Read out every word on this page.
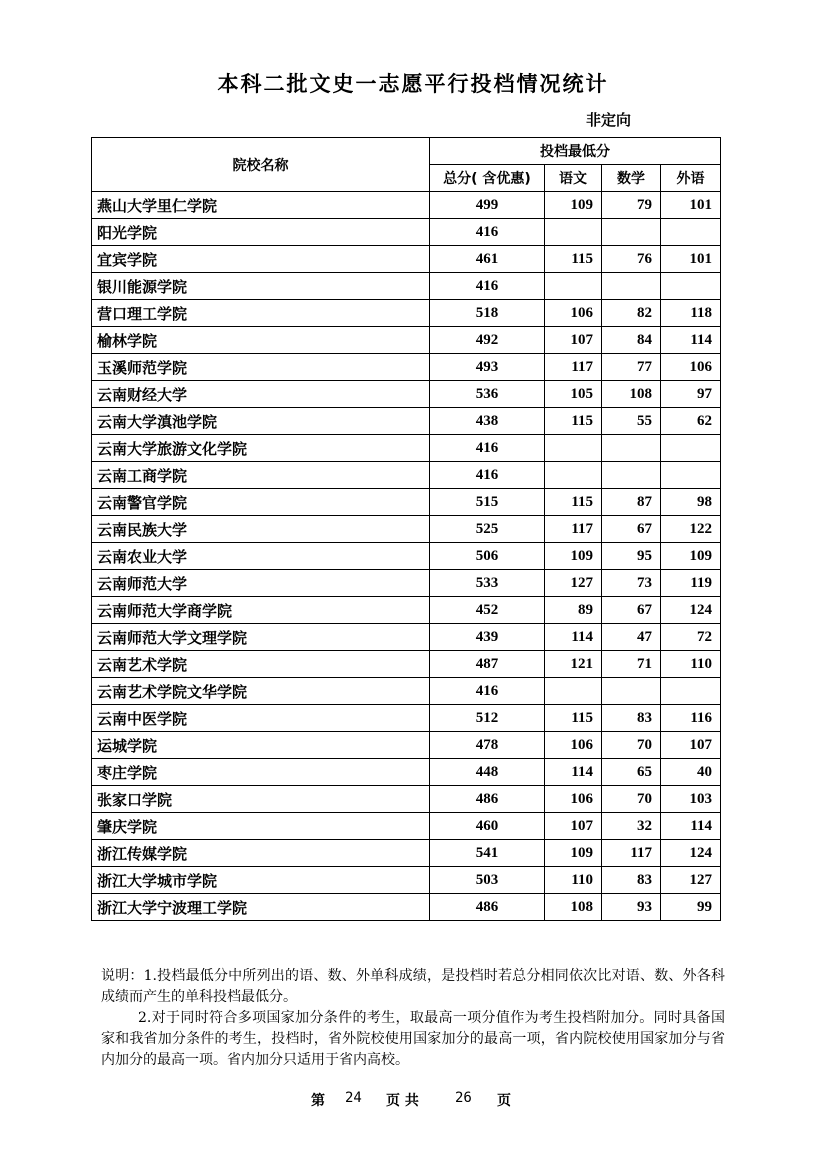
本科二批文史一志愿平行投档情况统计
非定向
院校名称	投档最低分			
	总分( 含优惠)	语文	数学	外语
燕山大学里仁学院	499	109	79	101
阳光学院	416			
宜宾学院	461	115	76	101
银川能源学院	416			
营口理工学院	518	106	82	118
榆林学院	492	107	84	114
玉溪师范学院	493	117	77	106
云南财经大学	536	105	108	97
云南大学滇池学院	438	115	55	62
云南大学旅游文化学院	416			
云南工商学院	416			
云南警官学院	515	115	87	98
云南民族大学	525	117	67	122
云南农业大学	506	109	95	109
云南师范大学	533	127	73	119
云南师范大学商学院	452	89	67	124
云南师范大学文理学院	439	114	47	72
云南艺术学院	487	121	71	110
云南艺术学院文华学院	416			
云南中医学院	512	115	83	116
运城学院	478	106	70	107
枣庄学院	448	114	65	40
张家口学院	486	106	70	103
肇庆学院	460	107	32	114
浙江传媒学院	541	109	117	124
浙江大学城市学院	503	110	83	127
浙江大学宁波理工学院	486	108	93	99

说明：1.投档最低分中所列出的语、数、外单科成绩，是投档时若总分相同依次比对语、数、外各科成绩而产生的单科投档最低分。

2.对于同时符合多项国家加分条件的考生，取最高一项分值作为考生投档附加分。同时具备国家和我省加分条件的考生，投档时，省外院校使用国家加分的最高一项，省内院校使用国家加分与省内加分的最高一项。省内加分只适用于省内高校。

第 24 页 共	26 页
